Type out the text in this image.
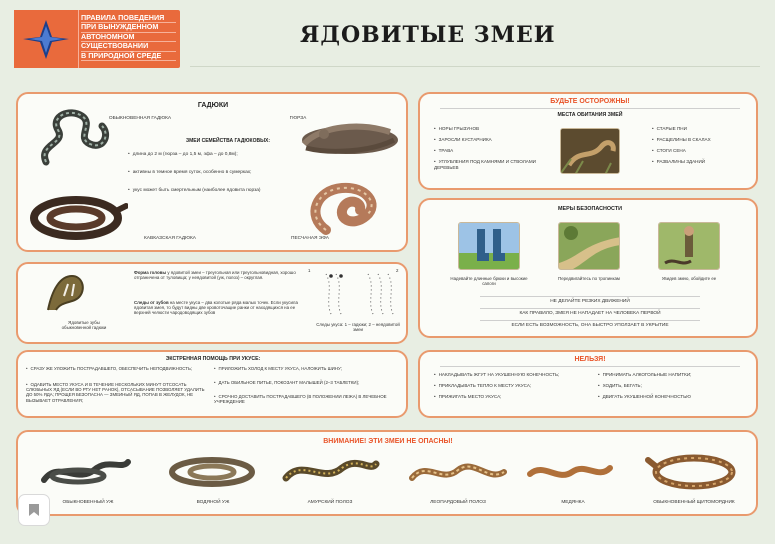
ПРАВИЛА ПОВЕДЕНИЯ
ПРИ ВЫНУЖДЕННОМ
АВТОНОМНОМ
СУЩЕСТВОВАНИИ
В ПРИРОДНОЙ СРЕДЕ
ЯДОВИТЫЕ ЗМЕИ
ГАДЮКИ
ОБЫКНОВЕННАЯ ГАДЮКА	ГЮРЗА
ЗМЕИ СЕМЕЙСТВА ГАДЮКОВЫХ:
• длина до 2 м (гюрза – до 1,5 м, эфа – до 0,8м);
• активны в темное время суток, особенно в сумерках;
• укус может быть смертельным (наиболее ядовита гюрза)
КАВКАЗСКАЯ ГАДЮКА	ПЕСЧАНАЯ ЭФА
Ядовитые зубы обыкновенной гадюки
Форма головы у ядовитой змеи – треугольная или треугольновидная, хорошо отграничена от туловища; у неядовитой (уж, полоз) – округлая.
Следы от зубов на месте укуса – два колотые ряда малых точек. Если укусила ядовитая змея, то будут видны две кровоточащие ранки от находящихся на ее верхней челюсти чародоводящих зубов
1	2
Следы укуса: 1 – гадюки; 2 – неядовитой змеи
ЭКСТРЕННАЯ ПОМОЩЬ ПРИ УКУСЕ:
• СРАЗУ ЖЕ УЛОЖИТЬ ПОСТРАДАВШЕГО, ОБЕСПЕЧИТЬ НЕПОДВИЖНОСТЬ;
• ОДАВИТЬ МЕСТО УКУСА И В ТЕЧЕНИЕ НЕСКОЛЬКИХ МИНУТ ОТСОСАТЬ СЛЮБЬНЫХ ЯД (ЕСЛИ ВО РТУ НЕТ РАНОК), ОТСАСЫВАНИЕ ПОЗВОЛЯЕТ УДАЛИТЬ ДО 50% ЯДА; ПРОЩЕЯ БЕЗОПАСНА — ЗМЕИНЫЙ ЯД, ПОПАВ В ЖЕЛУДОК, НЕ ВЫЗЫВАЕТ ОТРАВЛЕНИЯ;
• ПРИЛОЖИТЬ ХОЛОД К МЕСТУ УКУСА, НАЛОЖИТЬ ШИНУ;
• ДАТЬ ОБИЛЬНОЕ ПИТЬЕ, ПОКОЗАНТ МАЛЫШЕЙ (2–3 ТАБЛЕТКИ);
• СРОЧНО ДОСТАВИТЬ ПОСТРАДАВШЕГО (В ПОЛОЖЕНИИ ЛЕЖА) В ЛЕЧЕБНОЕ УЧРЕЖДЕНИЕ
БУДЬТЕ ОСТОРОЖНЫ!
МЕСТА ОБИТАНИЯ ЗМЕЙ
• НОРЫ ГРЫЗУНОВ
• ЗАРОСЛИ КУСТАРНИКА
• ТРАВА
• УГЛУБЛЕНИЯ ПОД КАМНЯМИ И СТВОЛАМИ ДЕРЕВЬЕВ
• СТАРЫЕ ПНИ
• РАСЩЕЛИНЫ В СКАЛАХ
• СТОГИ СЕНА
• РАЗВАЛИНЫ ЗДАНИЙ
МЕРЫ БЕЗОПАСНОСТИ
Надевайте длинные брюки и высокие сапоги
Передвигайтесь по тропинкам	Увидев змею, обойдите ее
НЕ ДЕЛАЙТЕ РЕЗКИХ ДВИЖЕНИЙ
КАК ПРАВИЛО, ЗМЕЯ НЕ НАПАДАЕТ НА ЧЕЛОВЕКА ПЕРВОЙ
ЕСЛИ ЕСТЬ ВОЗМОЖНОСТЬ, ОНА БЫСТРО УПОЛЗАЕТ В УКРЫТИЕ
НЕЛЬЗЯ!
• НАКЛАДЫВАТЬ ЖГУТ НА УКУШЕННУЮ КОНЕЧНОСТЬ;
• ПРИКЛАДЫВАТЬ ТЕПЛО К МЕСТУ УКУСА;
• ПРИЖИГАТЬ МЕСТО УКУСА;
• ПРИНИМАТЬ АЛКОГОЛЬНЫЕ НАПИТКИ;
• ХОДИТЬ, БЕГАТЬ;
• ДВИГАТЬ УКУШЕННОЙ КОНЕЧНОСТЬЮ
ВНИМАНИЕ! ЭТИ ЗМЕИ НЕ ОПАСНЫ!
ОБЫКНОВЕННЫЙ УЖ	ВОДЯНОЙ УЖ	АМУРСКИЙ ПОЛОЗ	ЛЕОПАРДОВЫЙ ПОЛОЗ	МЕДЯНКА	ОБЫКНОВЕННЫЙ ЩИТОМОРДНИК
